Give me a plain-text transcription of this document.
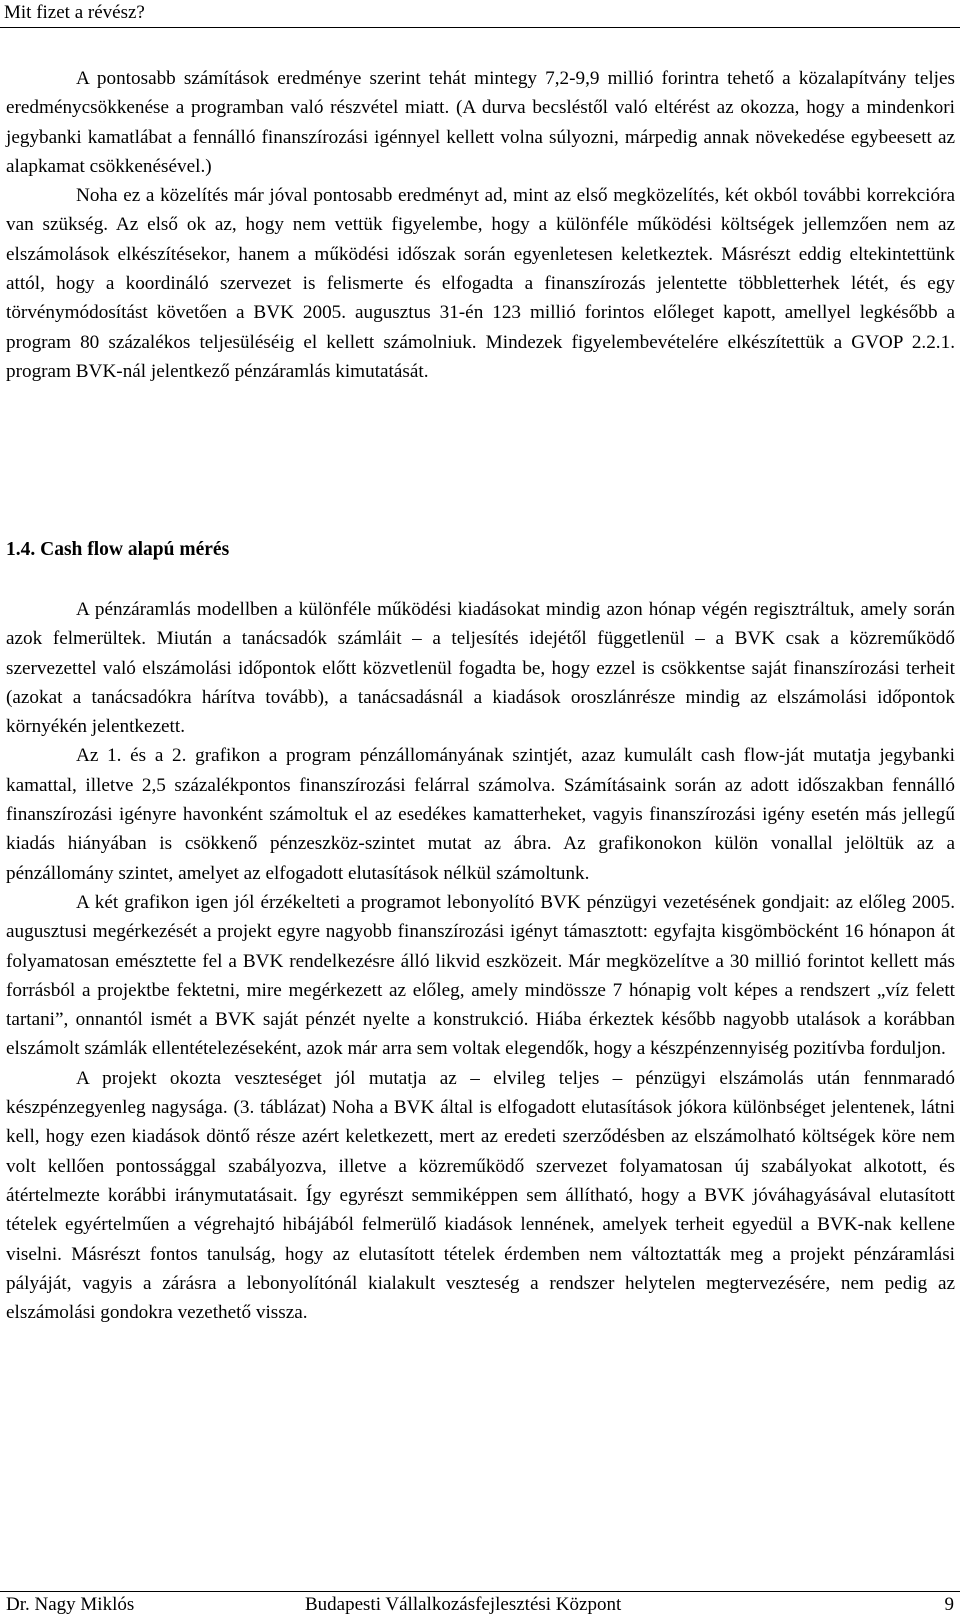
Mit fizet a révész?

A pontosabb számítások eredménye szerint tehát mintegy 7,2-9,9 millió forintra tehető a közalapítvány teljes eredménycsökkenése a programban való részvétel miatt. (A durva becsléstől való eltérést az okozza, hogy a mindenkori jegybanki kamatlábat a fennálló finanszírozási igénnyel kellett volna súlyozni, márpedig annak növekedése egybeesett az alapkamat csökkenésével.)

Noha ez a közelítés már jóval pontosabb eredményt ad, mint az első megközelítés, két okból további korrekcióra van szükség. Az első ok az, hogy nem vettük figyelembe, hogy a különféle működési költségek jellemzően nem az elszámolások elkészítésekor, hanem a működési időszak során egyenletesen keletkeztek. Másrészt eddig eltekintettünk attól, hogy a koordináló szervezet is felismerte és elfogadta a finanszírozás jelentette többletterhek létét, és egy törvénymódosítást követően a BVK 2005. augusztus 31-én 123 millió forintos előleget kapott, amellyel legkésőbb a program 80 százalékos teljesüléséig el kellett számolniuk. Mindezek figyelembevételére elkészítettük a GVOP 2.2.1. program BVK-nál jelentkező pénzáramlás kimutatását.

1.4. Cash flow alapú mérés

A pénzáramlás modellben a különféle működési kiadásokat mindig azon hónap végén regisztráltuk, amely során azok felmerültek. Miután a tanácsadók számláit – a teljesítés idejétől függetlenül – a BVK csak a közreműködő szervezettel való elszámolási időpontok előtt közvetlenül fogadta be, hogy ezzel is csökkentse saját finanszírozási terheit (azokat a tanácsadókra hárítva tovább), a tanácsadásnál a kiadások oroszlánrésze mindig az elszámolási időpontok környékén jelentkezett.

Az 1. és a 2. grafikon a program pénzállományának szintjét, azaz kumulált cash flow-ját mutatja jegybanki kamattal, illetve 2,5 százalékpontos finanszírozási felárral számolva. Számításaink során az adott időszakban fennálló finanszírozási igényre havonként számoltuk el az esedékes kamatterheket, vagyis finanszírozási igény esetén más jellegű kiadás hiányában is csökkenő pénzeszköz-szintet mutat az ábra. Az grafikonokon külön vonallal jelöltük az a pénzállomány szintet, amelyet az elfogadott elutasítások nélkül számoltunk.

A két grafikon igen jól érzékelteti a programot lebonyolító BVK pénzügyi vezetésének gondjait: az előleg 2005. augusztusi megérkezését a projekt egyre nagyobb finanszírozási igényt támasztott: egyfajta kisgömböcként 16 hónapon át folyamatosan emésztette fel a BVK rendelkezésre álló likvid eszközeit. Már megközelítve a 30 millió forintot kellett más forrásból a projektbe fektetni, mire megérkezett az előleg, amely mindössze 7 hónapig volt képes a rendszert „víz felett tartani”, onnantól ismét a BVK saját pénzét nyelte a konstrukció. Hiába érkeztek később nagyobb utalások a korábban elszámolt számlák ellentételezéseként, azok már arra sem voltak elegendők, hogy a készpénzennyiség pozitívba forduljon.

A projekt okozta veszteséget jól mutatja az – elvileg teljes – pénzügyi elszámolás után fennmaradó készpénzegyenleg nagysága. (3. táblázat) Noha a BVK által is elfogadott elutasítások jókora különbséget jelentenek, látni kell, hogy ezen kiadások döntő része azért keletkezett, mert az eredeti szerződésben az elszámolható költségek köre nem volt kellően pontossággal szabályozva, illetve a közreműködő szervezet folyamatosan új szabályokat alkotott, és átértelmezte korábbi iránymutatásait. Így egyrészt semmiképpen sem állítható, hogy a BVK jóváhagyásával elutasított tételek egyértelműen a végrehajtó hibájából felmerülő kiadások lennének, amelyek terheit egyedül a BVK-nak kellene viselni. Másrészt fontos tanulság, hogy az elutasított tételek érdemben nem változtatták meg a projekt pénzáramlási pályáját, vagyis a zárásra a lebonyolítónál kialakult veszteség a rendszer helytelen megtervezésére, nem pedig az elszámolási gondokra vezethető vissza.

Dr. Nagy Miklós	Budapesti Vállalkozásfejlesztési Központ	9
